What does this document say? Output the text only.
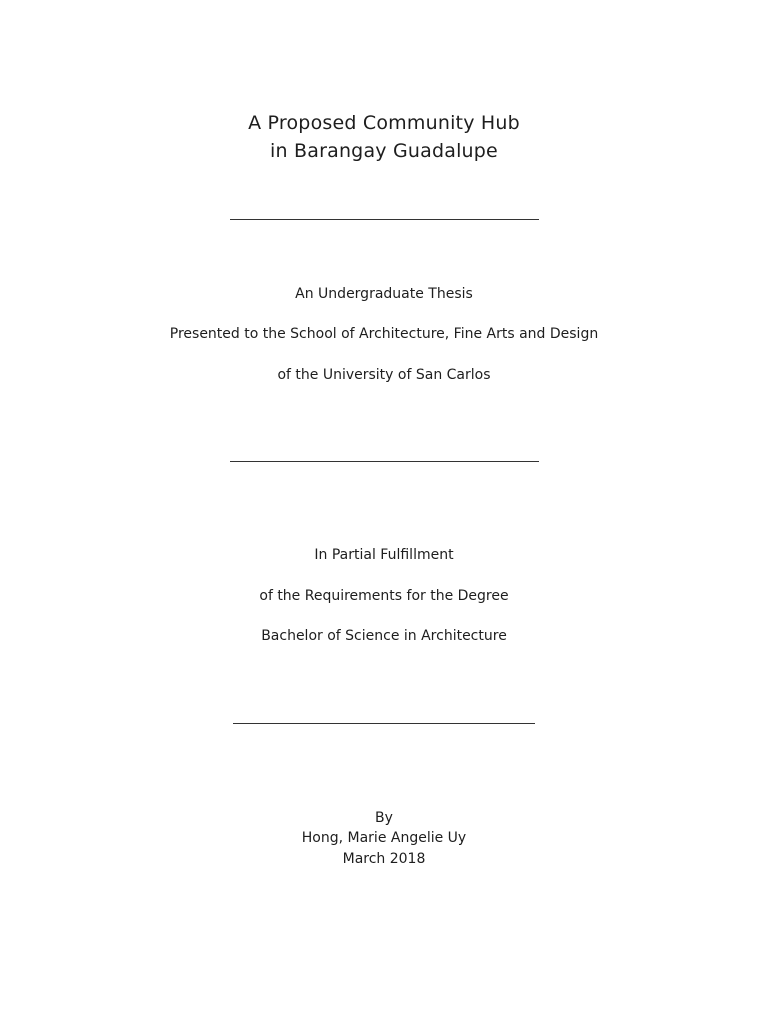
A Proposed Community Hub
in Barangay Guadalupe
An Undergraduate Thesis
Presented to the School of Architecture, Fine Arts and Design
of the University of San Carlos
In Partial Fulfillment
of the Requirements for the Degree
Bachelor of Science in Architecture
By
Hong, Marie Angelie Uy
March 2018
